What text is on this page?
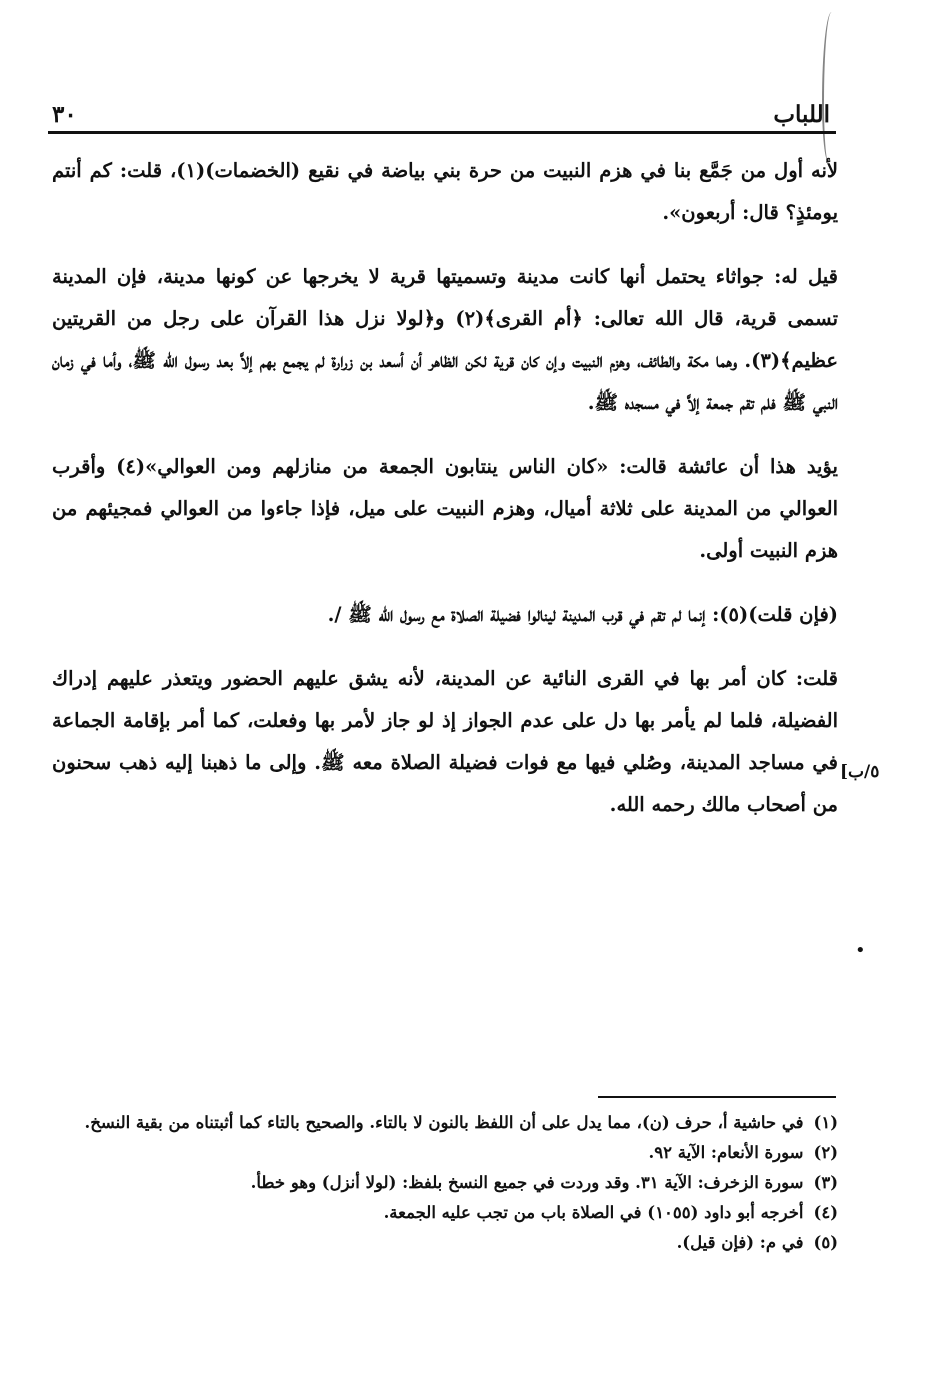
٣٠	اللباب

لأنه أول من جَمَّع بنا في هزم النبيت من حرة بني بياضة في نقيع (الخضمات)(١)، قلت: كم أنتم يومئذٍ؟ قال: أربعون».

قيل له: جواثاء يحتمل أنها كانت مدينة وتسميتها قرية لا يخرجها عن كونها مدينة، فإن المدينة تسمى قرية، قال الله تعالى: ﴿أم القرى﴾(٢) و﴿لولا نزل هذا القرآن على رجل من القريتين عظيم﴾(٣). وهما مكة والطائف، وهزم النبيت وإن كان قرية لكن الظاهر أن أسعد بن زرارة لم يجمع بهم إلاَّ بعد رسول الله ﷺ، وأما في زمان النبي ﷺ فلم تقم جمعة إلاَّ في مسجده ﷺ.

يؤيد هذا أن عائشة قالت: «كان الناس ينتابون الجمعة من منازلهم ومن العوالي»(٤) وأقرب العوالي من المدينة على ثلاثة أميال، وهزم النبيت على ميل، فإذا جاءوا من العوالي فمجيئهم من هزم النبيت أولى.

(فإن قلت)(٥): إنما لم تقم في قرب المدينة لينالوا فضيلة الصلاة مع رسول الله ﷺ /.

قلت: كان أمر بها في القرى النائية عن المدينة، لأنه يشق عليهم الحضور ويتعذر عليهم إدراك الفضيلة، فلما لم يأمر بها دل على عدم الجواز إذ لو جاز لأمر بها وفعلت، كما أمر بإقامة الجماعة في مساجد المدينة، وصُلي فيها مع فوات فضيلة الصلاة معه ﷺ. وإلى ما ذهبنا إليه ذهب سحنون من أصحاب مالك رحمه الله.

٥/ب]
•
(١)
في حاشية أ، حرف (ن)، مما يدل على أن اللفظ بالنون لا بالتاء. والصحيح بالتاء كما أثبتناه من بقية النسخ.
(٢)
سورة الأنعام: الآية ٩٢.
(٣)
سورة الزخرف: الآية ٣١. وقد وردت في جميع النسخ بلفظ: (لولا أنزل) وهو خطأ.
(٤)
أخرجه أبو داود (١٠٥٥) في الصلاة باب من تجب عليه الجمعة.
(٥)
في م: (فإن قيل).
